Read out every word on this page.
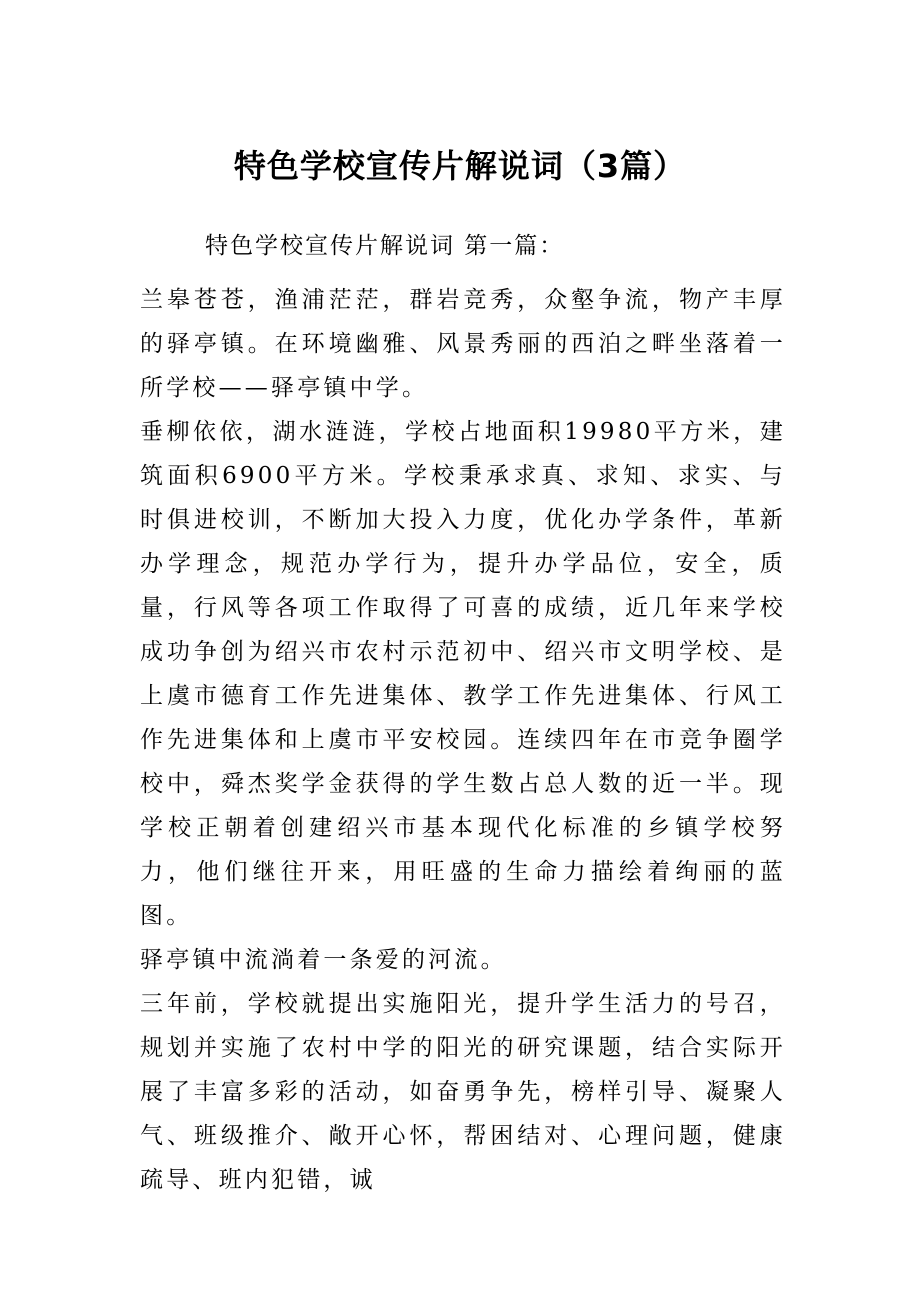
特色学校宣传片解说词（3篇）
特色学校宣传片解说词 第一篇：

兰皋苍苍，渔浦茫茫，群岩竞秀，众壑争流，物产丰厚的驿亭镇。在环境幽雅、风景秀丽的西泊之畔坐落着一所学校——驿亭镇中学。

垂柳依依，湖水涟涟，学校占地面积19980平方米，建筑面积6900平方米。学校秉承求真、求知、求实、与时俱进校训，不断加大投入力度，优化办学条件，革新办学理念，规范办学行为，提升办学品位，安全，质量，行风等各项工作取得了可喜的成绩，近几年来学校成功争创为绍兴市农村示范初中、绍兴市文明学校、是上虞市德育工作先进集体、教学工作先进集体、行风工作先进集体和上虞市平安校园。连续四年在市竞争圈学校中，舜杰奖学金获得的学生数占总人数的近一半。现学校正朝着创建绍兴市基本现代化标准的乡镇学校努力，他们继往开来，用旺盛的生命力描绘着绚丽的蓝图。

驿亭镇中流淌着一条爱的河流。

三年前，学校就提出实施阳光，提升学生活力的号召，规划并实施了农村中学的阳光的研究课题，结合实际开展了丰富多彩的活动，如奋勇争先，榜样引导、凝聚人气、班级推介、敞开心怀，帮困结对、心理问题，健康疏导、班内犯错，诚
